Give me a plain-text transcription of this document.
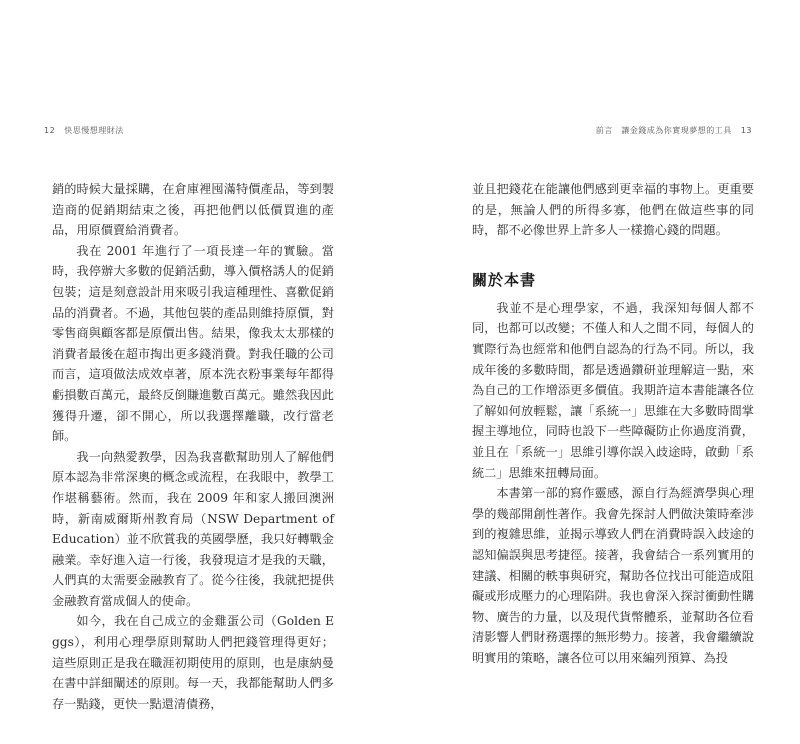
12 快思慢想理財法

銷的時候大量採購，在倉庫裡囤滿特價產品，等到製造商的促銷期結束之後，再把他們以低價買進的產品，用原價賣給消費者。

我在 2001 年進行了一項長達一年的實驗。當時，我停辦大多數的促銷活動，導入價格誘人的促銷包裝；這是刻意設計用來吸引我這種理性、喜歡促銷品的消費者。不過，其他包裝的產品則維持原價，對零售商與顧客都是原價出售。結果，像我太太那樣的消費者最後在超市掏出更多錢消費。對我任職的公司而言，這項做法成效卓著，原本洗衣粉事業每年都得虧損數百萬元，最終反倒賺進數百萬元。雖然我因此獲得升遷，卻不開心，所以我選擇離職，改行當老師。

我一向熱愛教學，因為我喜歡幫助別人了解他們原本認為非常深奧的概念或流程，在我眼中，教學工作堪稱藝術。然而，我在 2009 年和家人搬回澳洲時，新南威爾斯州教育局（NSW Department of Education）並不欣賞我的英國學歷，我只好轉戰金融業。幸好進入這一行後，我發現這才是我的天職，人們真的太需要金融教育了。從今往後，我就把提供金融教育當成個人的使命。

如今，我在自己成立的金雞蛋公司（Golden Eggs），利用心理學原則幫助人們把錢管理得更好；這些原則正是我在職涯初期使用的原則，也是康納曼在書中詳細闡述的原則。每一天，我都能幫助人們多存一點錢，更快一點還清債務，

前言　讓金錢成為你實現夢想的工具 13

並且把錢花在能讓他們感到更幸福的事物上。更重要的是，無論人們的所得多寡，他們在做這些事的同時，都不必像世界上許多人一樣擔心錢的問題。

關於本書

我並不是心理學家，不過，我深知每個人都不同，也都可以改變；不僅人和人之間不同，每個人的實際行為也經常和他們自認為的行為不同。所以，我成年後的多數時間，都是透過鑽研並理解這一點，來為自己的工作增添更多價值。我期許這本書能讓各位了解如何放輕鬆，讓「系統一」思維在大多數時間掌握主導地位，同時也設下一些障礙防止你過度消費，並且在「系統一」思維引導你誤入歧途時，啟動「系統二」思維來扭轉局面。

本書第一部的寫作靈感，源自行為經濟學與心理學的幾部開創性著作。我會先探討人們做決策時牽涉到的複雜思維，並揭示導致人們在消費時誤入歧途的認知偏誤與思考捷徑。接著，我會結合一系列實用的建議、相關的軼事與研究，幫助各位找出可能造成阻礙或形成壓力的心理陷阱。我也會深入探討衝動性購物、廣告的力量，以及現代貨幣體系，並幫助各位看清影響人們財務選擇的無形勢力。接著，我會繼續說明實用的策略，讓各位可以用來編列預算、為投
